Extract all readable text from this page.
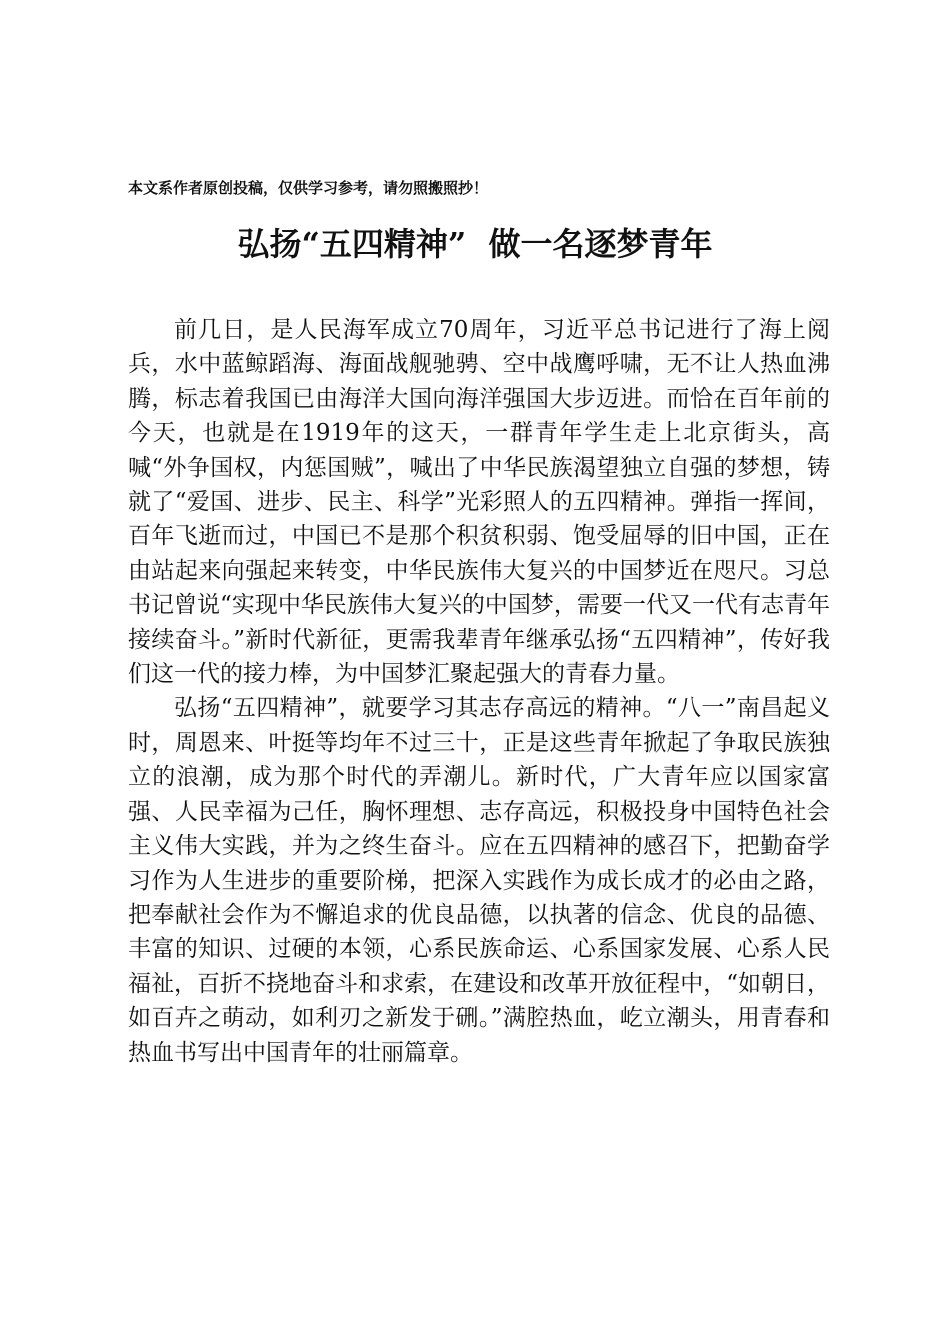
本文系作者原创投稿，仅供学习参考，请勿照搬照抄！
弘扬“五四精神”  做一名逐梦青年

前几日，是人民海军成立70周年，习近平总书记进行了海上阅兵，水中蓝鲸蹈海、海面战舰驰骋、空中战鹰呼啸，无不让人热血沸腾，标志着我国已由海洋大国向海洋强国大步迈进。而恰在百年前的今天，也就是在1919年的这天，一群青年学生走上北京街头，高喊“外争国权，内惩国贼”，喊出了中华民族渴望独立自强的梦想，铸就了“爱国、进步、民主、科学”光彩照人的五四精神。弹指一挥间，百年飞逝而过，中国已不是那个积贫积弱、饱受屈辱的旧中国，正在由站起来向强起来转变，中华民族伟大复兴的中国梦近在咫尺。习总书记曾说“实现中华民族伟大复兴的中国梦，需要一代又一代有志青年接续奋斗。”新时代新征，更需我辈青年继承弘扬“五四精神”，传好我们这一代的接力棒，为中国梦汇聚起强大的青春力量。

弘扬“五四精神”，就要学习其志存高远的精神。“八一”南昌起义时，周恩来、叶挺等均年不过三十，正是这些青年掀起了争取民族独立的浪潮，成为那个时代的弄潮儿。新时代，广大青年应以国家富强、人民幸福为己任，胸怀理想、志存高远，积极投身中国特色社会主义伟大实践，并为之终生奋斗。应在五四精神的感召下，把勤奋学习作为人生进步的重要阶梯，把深入实践作为成长成才的必由之路，把奉献社会作为不懈追求的优良品德，以执著的信念、优良的品德、丰富的知识、过硬的本领，心系民族命运、心系国家发展、心系人民福祉，百折不挠地奋斗和求索，在建设和改革开放征程中，“如朝日，如百卉之萌动，如利刃之新发于硎。”满腔热血，屹立潮头，用青春和热血书写出中国青年的壮丽篇章。
